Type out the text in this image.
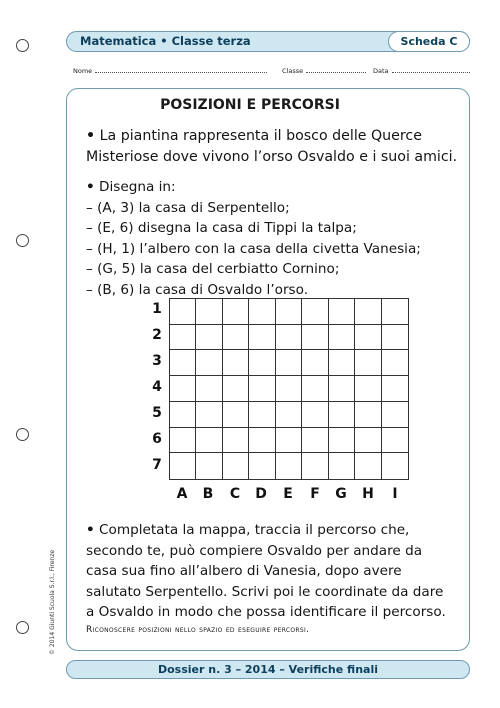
Matematica • Classe terza	Scheda C
Nome	Classe	Data
POSIZIONI E PERCORSI
• La piantina rappresenta il bosco delle Querce
Misteriose dove vivono l’orso Osvaldo e i suoi amici.
• Disegna in:
– (A, 3) la casa di Serpentello;
– (E, 6) disegna la casa di Tippi la talpa;
– (H, 1) l’albero con la casa della civetta Vanesia;
– (G, 5) la casa del cerbiatto Cornino;
– (B, 6) la casa di Osvaldo l’orso.
1
2
3
4
5
6
7
A	B	C	D	E	F	G	H	I
• Completata la mappa, traccia il percorso che,
secondo te, può compiere Osvaldo per andare da
casa sua fino all’albero di Vanesia, dopo avere
salutato Serpentello. Scrivi poi le coordinate da dare
a Osvaldo in modo che possa identificare il percorso.
Riconoscere posizioni nello spazio ed eseguire percorsi.
Dossier n. 3 – 2014 – Verifiche finali
© 2014 Giunti Scuola S.r.l., Firenze
